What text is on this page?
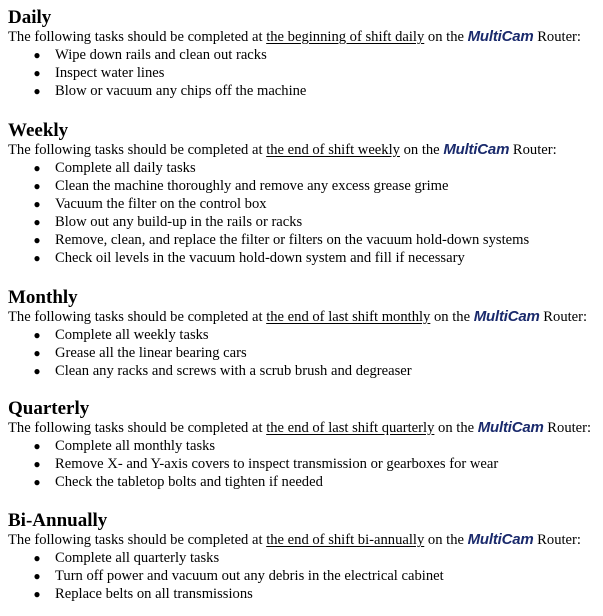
Daily

The following tasks should be completed at the beginning of shift daily on the MultiCam Router:

● Wipe down rails and clean out racks
● Inspect water lines
● Blow or vacuum any chips off the machine
Weekly

The following tasks should be completed at the end of shift weekly on the MultiCam Router:

● Complete all daily tasks
● Clean the machine thoroughly and remove any excess grease grime
● Vacuum the filter on the control box
● Blow out any build-up in the rails or racks
● Remove, clean, and replace the filter or filters on the vacuum hold-down systems
● Check oil levels in the vacuum hold-down system and fill if necessary
Monthly

The following tasks should be completed at the end of last shift monthly on the MultiCam Router:

● Complete all weekly tasks
● Grease all the linear bearing cars
● Clean any racks and screws with a scrub brush and degreaser
Quarterly

The following tasks should be completed at the end of last shift quarterly on the MultiCam Router:

● Complete all monthly tasks
● Remove X- and Y-axis covers to inspect transmission or gearboxes for wear
● Check the tabletop bolts and tighten if needed
Bi-Annually

The following tasks should be completed at the end of shift bi-annually on the MultiCam Router:

● Complete all quarterly tasks
● Turn off power and vacuum out any debris in the electrical cabinet
● Replace belts on all transmissions
